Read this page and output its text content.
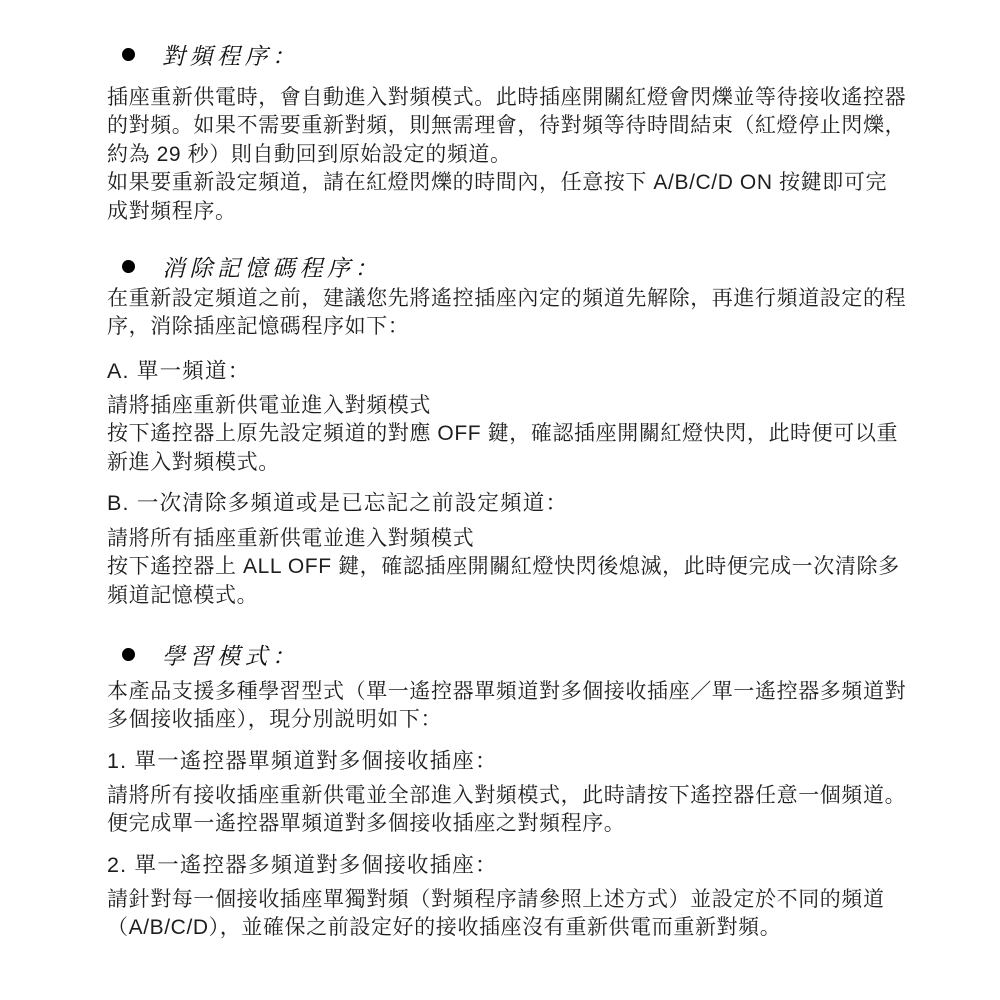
對頻程序：
插座重新供電時，會自動進入對頻模式。此時插座開關紅燈會閃爍並等待接收遙控器
的對頻。如果不需要重新對頻，則無需理會，待對頻等待時間結束（紅燈停止閃爍，
約為 29 秒）則自動回到原始設定的頻道。
如果要重新設定頻道，請在紅燈閃爍的時間內，任意按下 A/B/C/D ON 按鍵即可完
成對頻程序。
消除記憶碼程序：
在重新設定頻道之前，建議您先將遙控插座內定的頻道先解除，再進行頻道設定的程
序，消除插座記憶碼程序如下：
A. 單一頻道：
請將插座重新供電並進入對頻模式
按下遙控器上原先設定頻道的對應 OFF 鍵，確認插座開關紅燈快閃，此時便可以重
新進入對頻模式。
B. 一次清除多頻道或是已忘記之前設定頻道：
請將所有插座重新供電並進入對頻模式
按下遙控器上 ALL OFF 鍵，確認插座開關紅燈快閃後熄滅，此時便完成一次清除多
頻道記憶模式。
學習模式：
本產品支援多種學習型式（單一遙控器單頻道對多個接收插座／單一遙控器多頻道對
多個接收插座），現分別説明如下：
1. 單一遙控器單頻道對多個接收插座：
請將所有接收插座重新供電並全部進入對頻模式，此時請按下遙控器任意一個頻道。
便完成單一遙控器單頻道對多個接收插座之對頻程序。
2. 單一遙控器多頻道對多個接收插座：
請針對每一個接收插座單獨對頻（對頻程序請參照上述方式）並設定於不同的頻道
（A/B/C/D），並確保之前設定好的接收插座沒有重新供電而重新對頻。
